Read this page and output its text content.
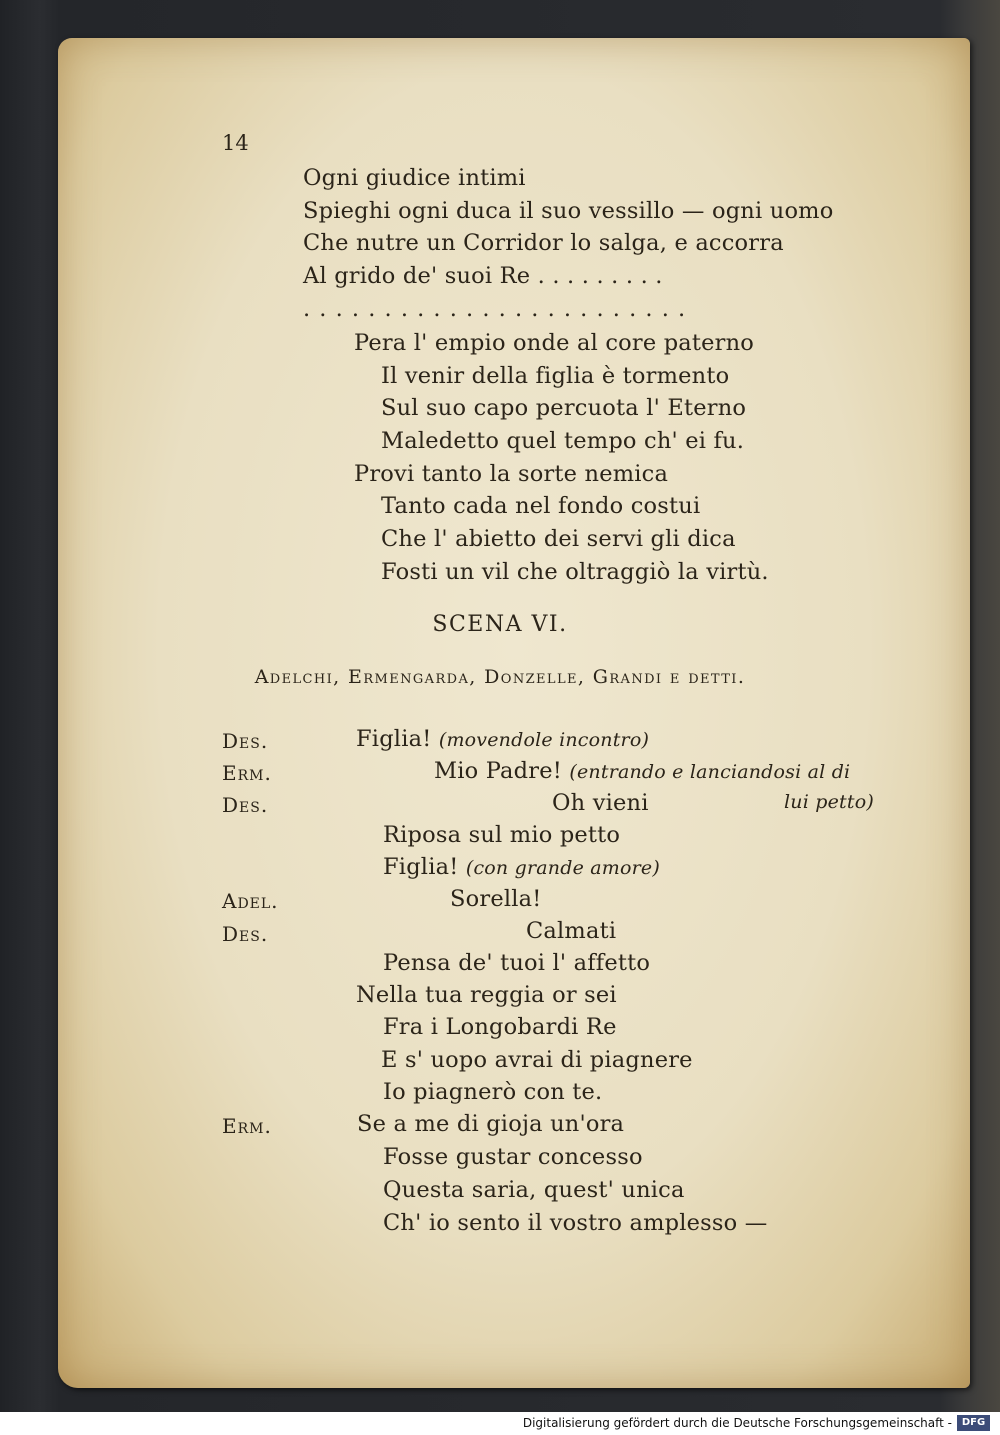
14
Ogni giudice intimi
Spieghi ogni duca il suo vessillo — ogni uomo
Che nutre un Corridor lo salga, e accorra
Al grido de' suoi Re . . . . . . . . .
. . . . . . . . . . . . . . . . . . . . . . . .
Pera l' empio onde al core paterno
Il venir della figlia è tormento
Sul suo capo percuota l' Eterno
Maledetto quel tempo ch' ei fu.
Provi tanto la sorte nemica
Tanto cada nel fondo costui
Che l' abietto dei servi gli dica
Fosti un vil che oltraggiò la virtù.
SCENA VI.
Adelchi, Ermengarda, Donzelle, Grandi e detti.
Des.	Figlia! (movendole incontro)
Erm.	Mio Padre! (entrando e lanciandosi al di
Des.	Oh vieni	lui petto)
Riposa sul mio petto
Figlia! (con grande amore)
Adel.	Sorella!
Des.	Calmati
Pensa de' tuoi l' affetto
Nella tua reggia or sei
Fra i Longobardi Re
E s' uopo avrai di piagnere
Io piagnerò con te.
Erm.	Se a me di gioja un'ora
Fosse gustar concesso
Questa saria, quest' unica
Ch' io sento il vostro amplesso —
Digitalisierung gefördert durch die Deutsche Forschungsgemeinschaft - DFG
